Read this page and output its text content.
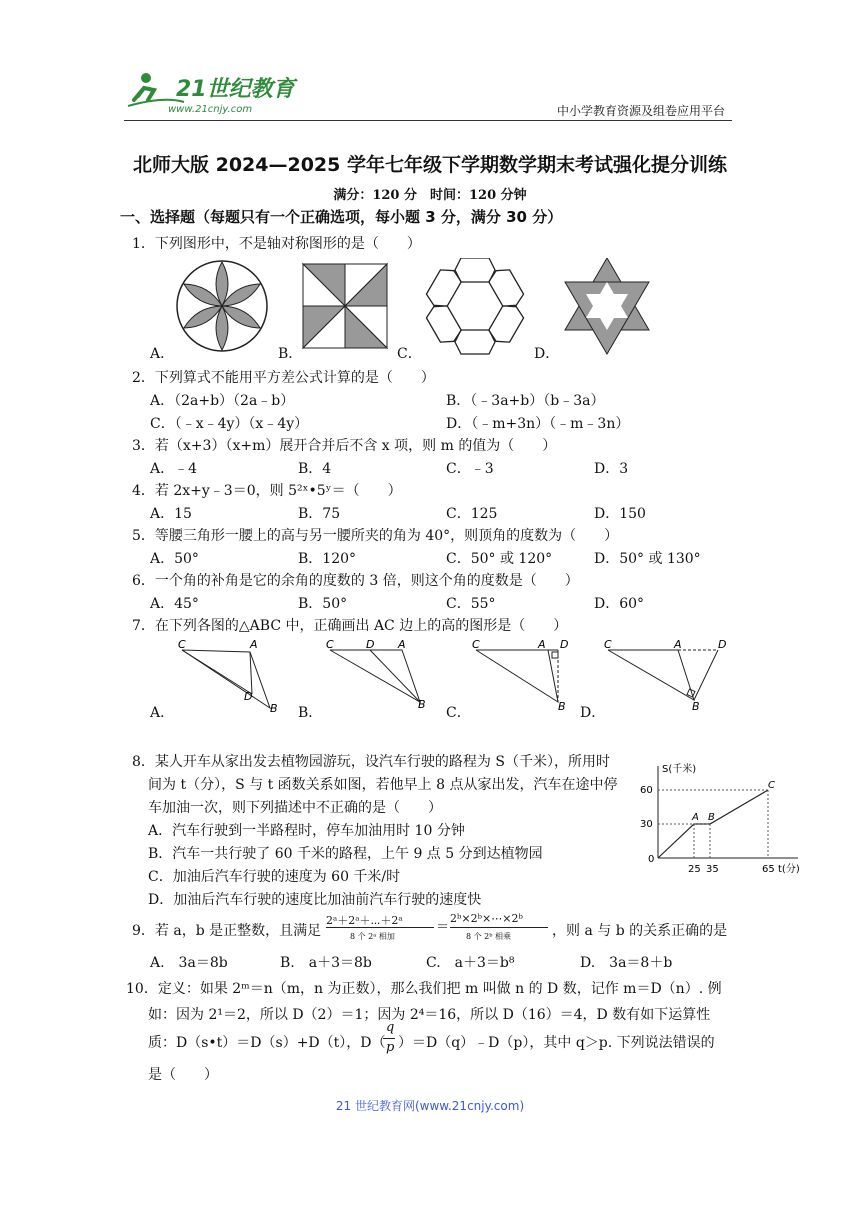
21世纪教育
www.21cnjy.com	中小学教育资源及组卷应用平台
北师大版 2024—2025 学年七年级下学期数学期末考试强化提分训练
满分：120 分　时间：120 分钟
一、选择题（每题只有一个正确选项，每小题 3 分，满分 30 分）
1．下列图形中，不是轴对称图形的是（　　）
A．	B．	C．	D．
2．下列算式不能用平方差公式计算的是（　　）
A．（2a+b）（2a﹣b）	B．（﹣3a+b）（b﹣3a）
C．（﹣x﹣4y）（x﹣4y）	D．（﹣m+3n）（﹣m﹣3n）
3．若（x+3）（x+m）展开合并后不含 x 项，则 m 的值为（　　）
A．﹣4	B．4	C．﹣3	D．3
4．若 2x+y﹣3＝0，则 5²ˣ•5ʸ＝（　　）
A．15	B．75	C．125	D．150
5．等腰三角形一腰上的高与另一腰所夹的角为 40°，则顶角的度数为（　　）
A．50°	B．120°	C．50° 或 120°	D．50° 或 130°
6．一个角的补角是它的余角的度数的 3 倍，则这个角的度数是（　　）
A．45°	B．50°	C．55°	D．60°
7．在下列各图的△ABC 中，正确画出 AC 边上的高的图形是（　　）
C	A
D
B
C	D A
B
C	A D
B
C	A	D
B
A．	B．	C．	D．
8．某人开车从家出发去植物园游玩，设汽车行驶的路程为 S（千米），所用时
间为 t（分），S 与 t 函数关系如图，若他早上 8 点从家出发，汽车在途中停
车加油一次，则下列描述中不正确的是（　　）
A．汽车行驶到一半路程时，停车加油用时 10 分钟
B．汽车一共行驶了 60 千米的路程，上午 9 点 5 分到达植物园
C．加油后汽车行驶的速度为 60 千米/时
D．加油后汽车行驶的速度比加油前汽车行驶的速度快
S(千米)
t(分)
60
30
0
25 35	65
A B
C
9．若 a，b 是正整数，且满足
2ᵃ＋2ᵃ＋⋯＋2ᵃ
8 个 2ᵃ 相加
＝
2ᵇ×2ᵇ×⋯×2ᵇ
8 个 2ᵇ 相乘	，则 a 与 b 的关系正确的是
A.　3a＝8b	B.　a＋3＝8b	C.　a＋3＝b⁸	D.　3a＝8＋b
10．定义：如果 2ᵐ＝n（m，n 为正数），那么我们把 m 叫做 n 的 D 数，记作 m＝D（n）. 例
如：因为 2¹＝2，所以 D（2）＝1；因为 2⁴＝16，所以 D（16）＝4，D 数有如下运算性
质：D（s•t）＝D（s）+D（t），D（
q
p ）＝D（q）﹣D（p），其中 q＞p. 下列说法错误的
是（　　）
21 世纪教育网(www.21cnjy.com)
